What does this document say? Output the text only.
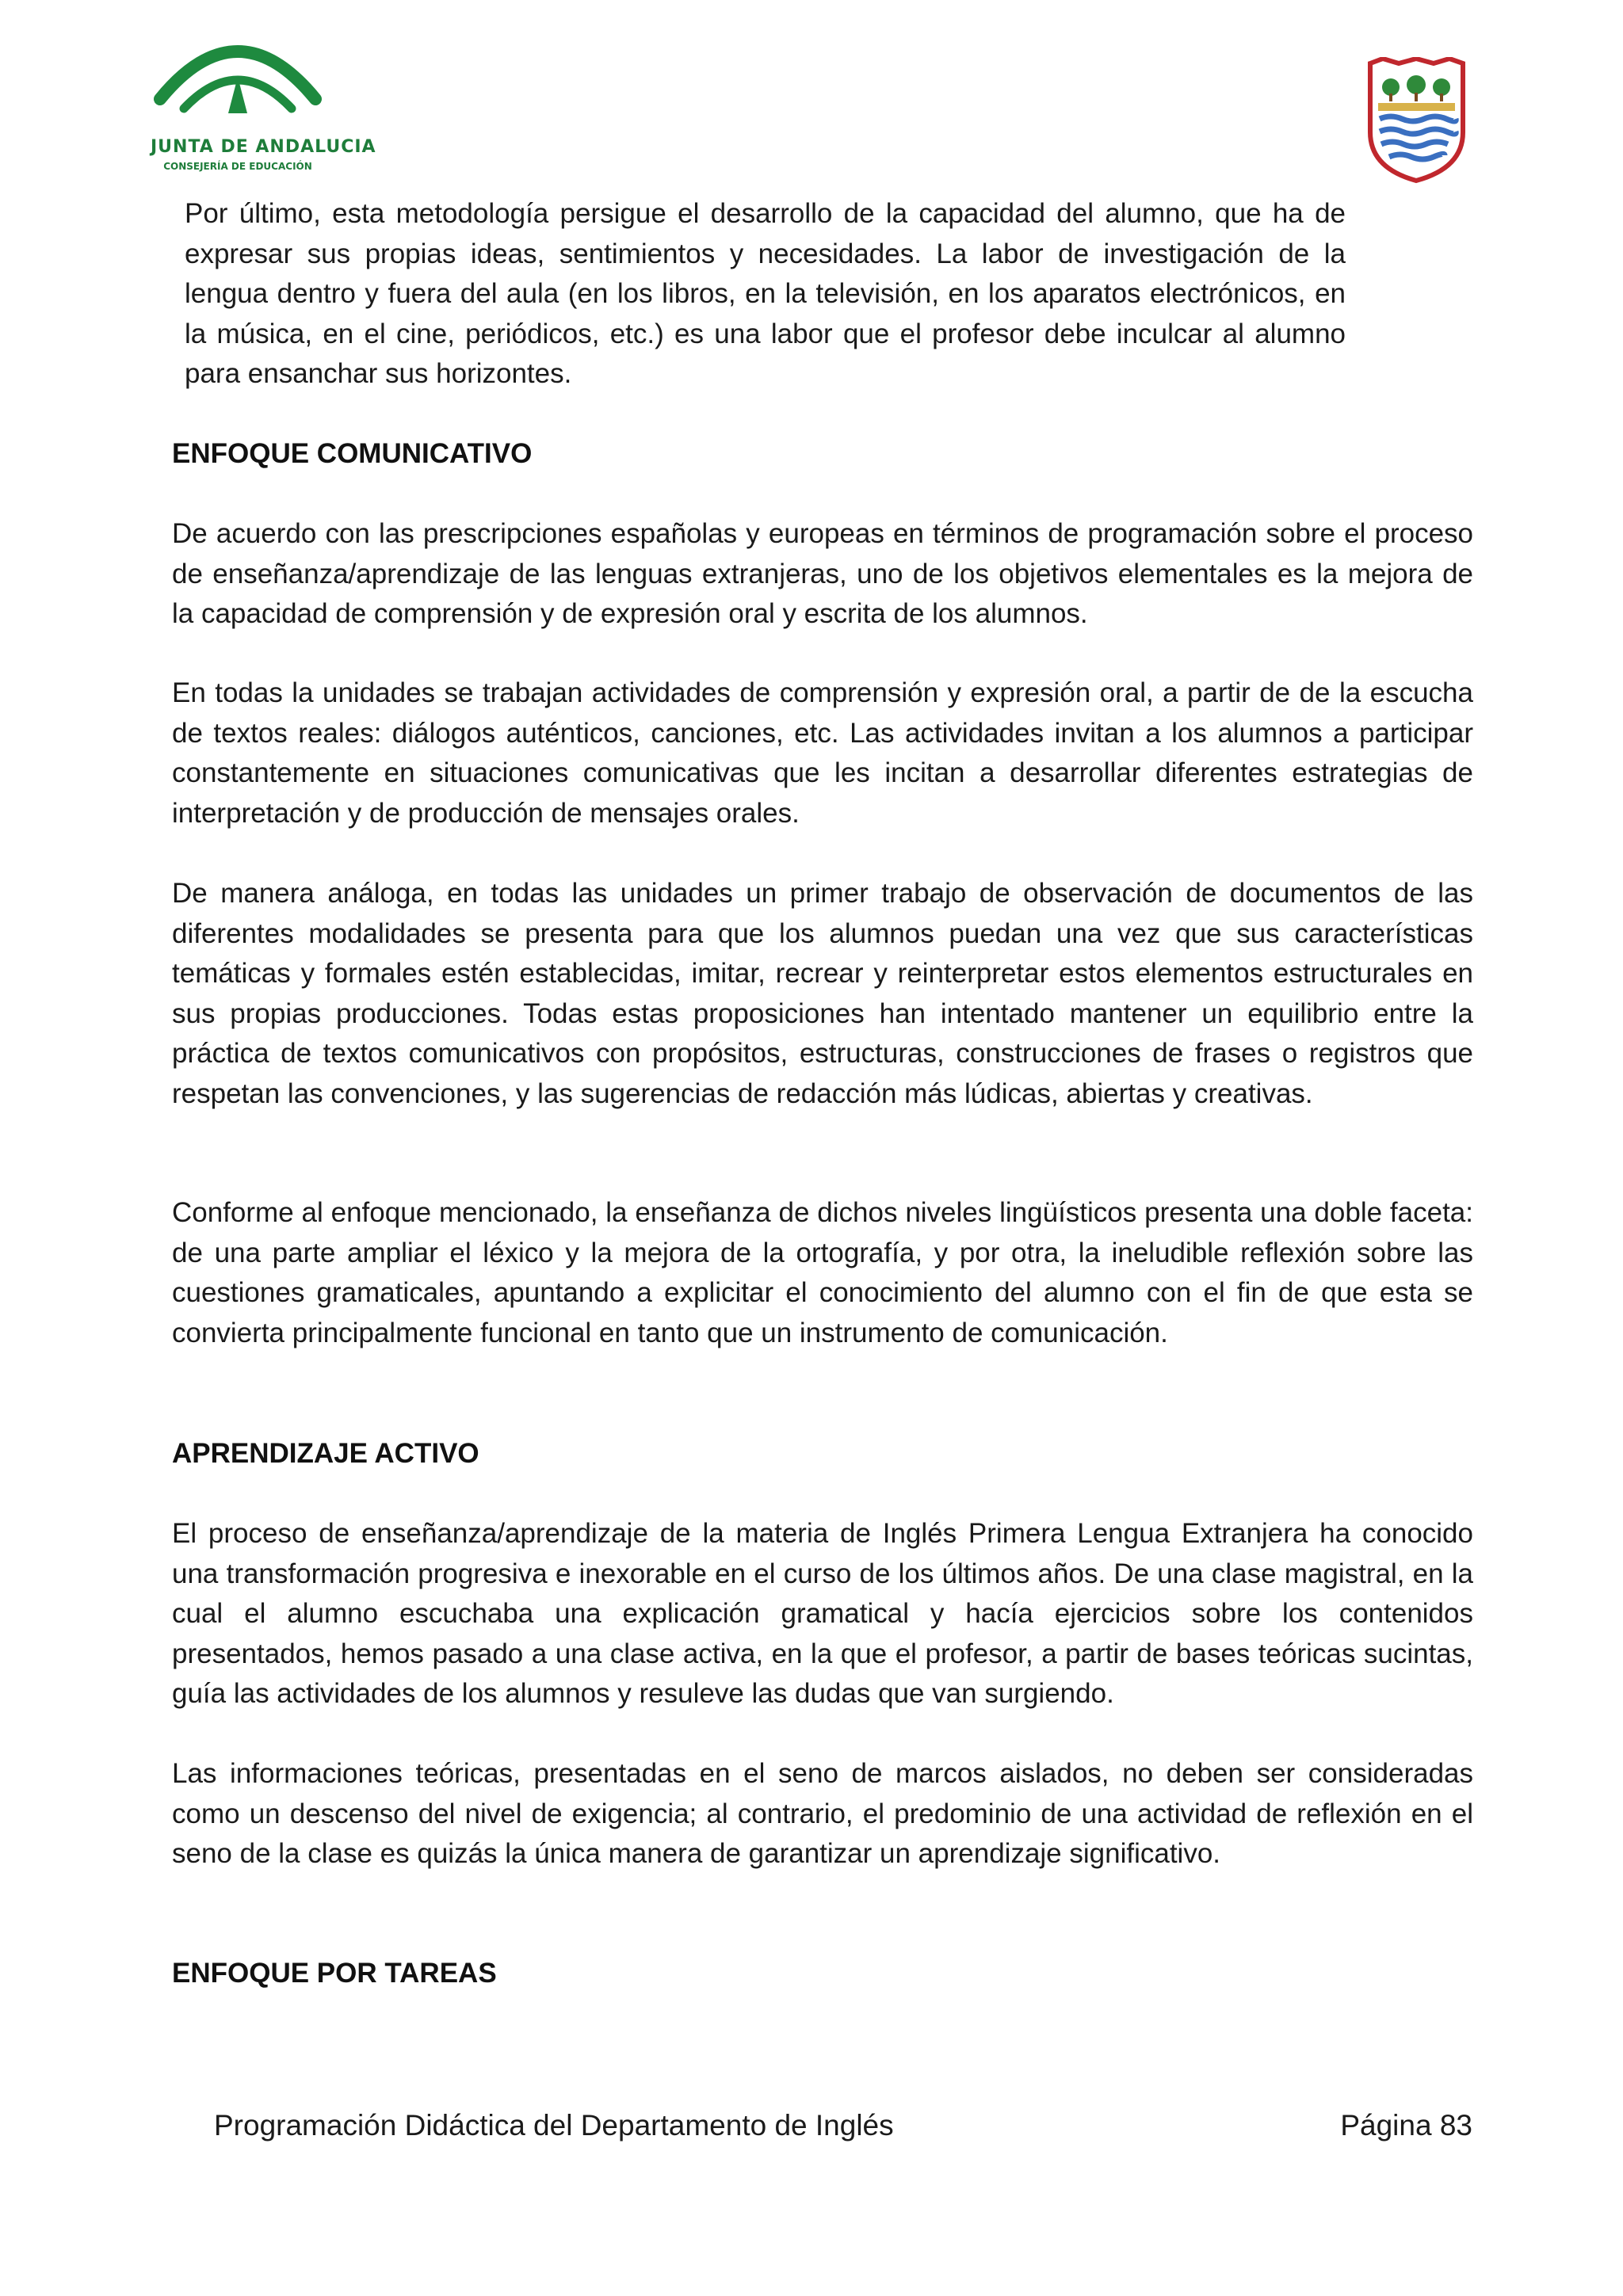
JUNTA DE ANDALUCIA
CONSEJERÍA DE EDUCACIÓN
Por último, esta metodología persigue el desarrollo de la capacidad del alumno, que ha de expresar sus propias ideas, sentimientos y necesidades. La labor de investigación de la lengua dentro y fuera del aula (en los libros, en la televisión, en los aparatos electrónicos, en la música, en el cine, periódicos, etc.) es una labor que el profesor debe inculcar al alumno para ensanchar sus horizontes.
ENFOQUE COMUNICATIVO
De acuerdo con las prescripciones españolas y europeas en términos de programación sobre el proceso de enseñanza/aprendizaje de las lenguas extranjeras, uno de los objetivos elementales es la mejora de la capacidad de comprensión y de expresión oral y escrita de los alumnos.
En todas la unidades se trabajan actividades de comprensión y expresión oral, a partir de de la escucha de textos reales: diálogos auténticos, canciones, etc. Las actividades invitan a los alumnos a participar constantemente en situaciones comunicativas que les incitan a desarrollar diferentes estrategias de interpretación y de producción de mensajes orales.
De manera análoga, en todas las unidades un primer trabajo de observación de documentos de las diferentes modalidades se presenta para que los alumnos puedan una vez que sus características temáticas y formales estén establecidas, imitar, recrear y reinterpretar estos elementos estructurales en sus propias producciones. Todas estas proposiciones han intentado mantener un equilibrio entre la práctica de textos comunicativos con propósitos, estructuras, construcciones de frases o registros que respetan las convenciones, y las sugerencias de redacción más lúdicas, abiertas y creativas.
Conforme al enfoque mencionado, la enseñanza de dichos niveles lingüísticos presenta una doble faceta: de una parte ampliar el léxico y la mejora de la ortografía, y por otra, la ineludible reflexión sobre las cuestiones gramaticales, apuntando a explicitar el conocimiento del alumno con el fin de que esta se convierta principalmente funcional en tanto que un instrumento de comunicación.
APRENDIZAJE ACTIVO
El proceso de enseñanza/aprendizaje de la materia de Inglés Primera Lengua Extranjera ha conocido una transformación progresiva e inexorable en el curso de los últimos años. De una clase magistral, en la cual el alumno escuchaba una explicación gramatical y hacía ejercicios sobre los contenidos presentados, hemos pasado a una clase activa, en la que el profesor, a partir de bases teóricas sucintas, guía las actividades de los alumnos y resuleve las dudas que van surgiendo.
Las informaciones teóricas, presentadas en el seno de marcos aislados, no deben ser consideradas como un descenso del nivel de exigencia; al contrario, el predominio de una actividad de reflexión en el seno de la clase es quizás la única manera de garantizar un aprendizaje significativo.
ENFOQUE POR TAREAS
Programación Didáctica del Departamento de Inglés	Página 83
